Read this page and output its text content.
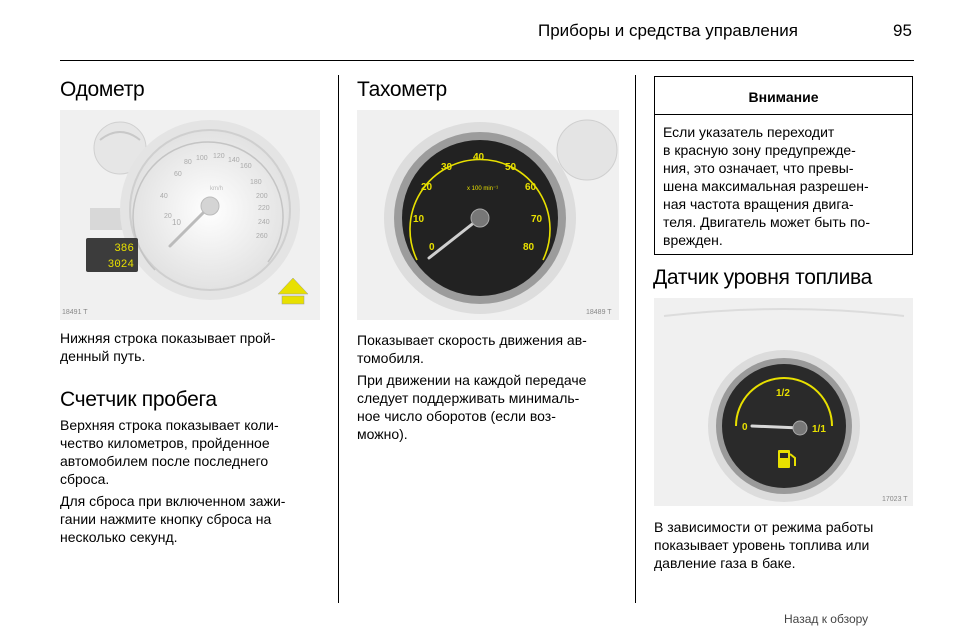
Приборы и средства управления	95
Одометр
10
20
40
60
80
100 120
140
160
180
200
220
240
260
km/h
386
3024
18491 T

Нижняя строка показывает прой-
денный путь.

Счетчик пробега

Верхняя строка показывает коли-
чество километров, пройденное
автомобилем после последнего
сброса.

Для сброса при включенном зажи-
гании нажмите кнопку сброса на
несколько секунд.

Тахометр
0
10
20
30
40
50
60
70
80
x 100 min⁻¹
18489 T

Показывает скорость движения ав-
томобиля.

При движении на каждой передаче
следует поддерживать минималь-
ное число оборотов (если воз-
можно).

Внимание

Если указатель переходит
в красную зону предупрежде-
ния, это означает, что превы-
шена максимальная разрешен-
ная частота вращения двига-
теля. Двигатель может быть по-
врежден.

Датчик уровня топлива
0
1/2
1/1
17023 T

В зависимости от режима работы
показывает уровень топлива или
давление газа в баке.

Назад к обзору
